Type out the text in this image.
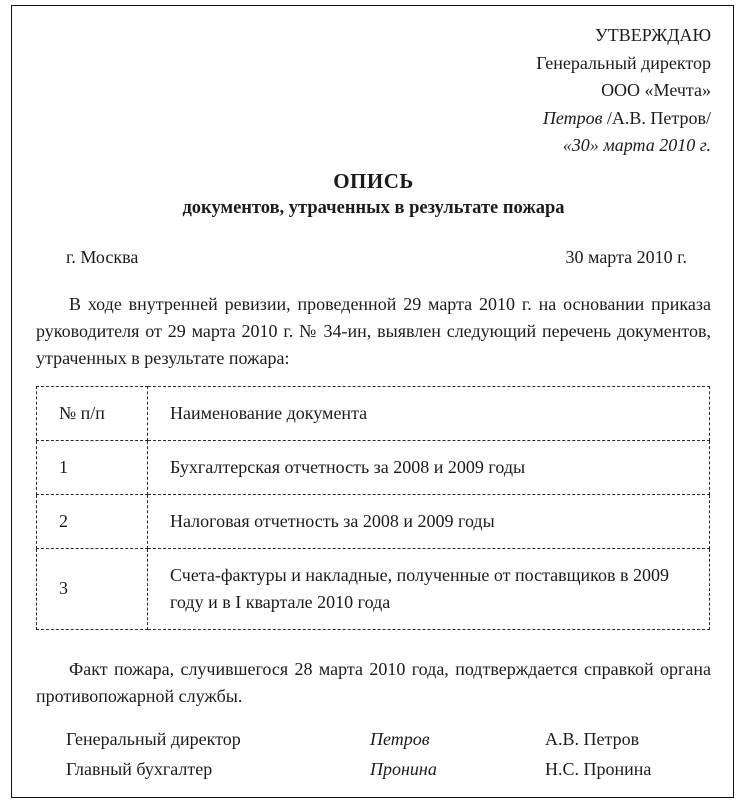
УТВЕРЖДАЮ
Генеральный директор
ООО «Мечта»
Петров /А.В. Петров/
«30» марта 2010 г.
ОПИСЬ
документов, утраченных в результате пожара
г. Москва	30 марта 2010 г.

В ходе внутренней ревизии, проведенной 29 марта 2010 г. на основании приказа руководителя от 29 марта 2010 г. № 34-ин, выявлен следующий перечень документов, утраченных в результате пожара:

№ п/п	Наименование документа
1	Бухгалтерская отчетность за 2008 и 2009 годы
2	Налоговая отчетность за 2008 и 2009 годы
3	Счета-фактуры и накладные, полученные от поставщиков в 2009 году и в I квартале 2010 года

Факт пожара, случившегося 28 марта 2010 года, подтверждается справкой органа противопожарной службы.

Генеральный директор	Петров	А.В. Петров
Главный бухгалтер	Пронина	Н.С. Пронина
